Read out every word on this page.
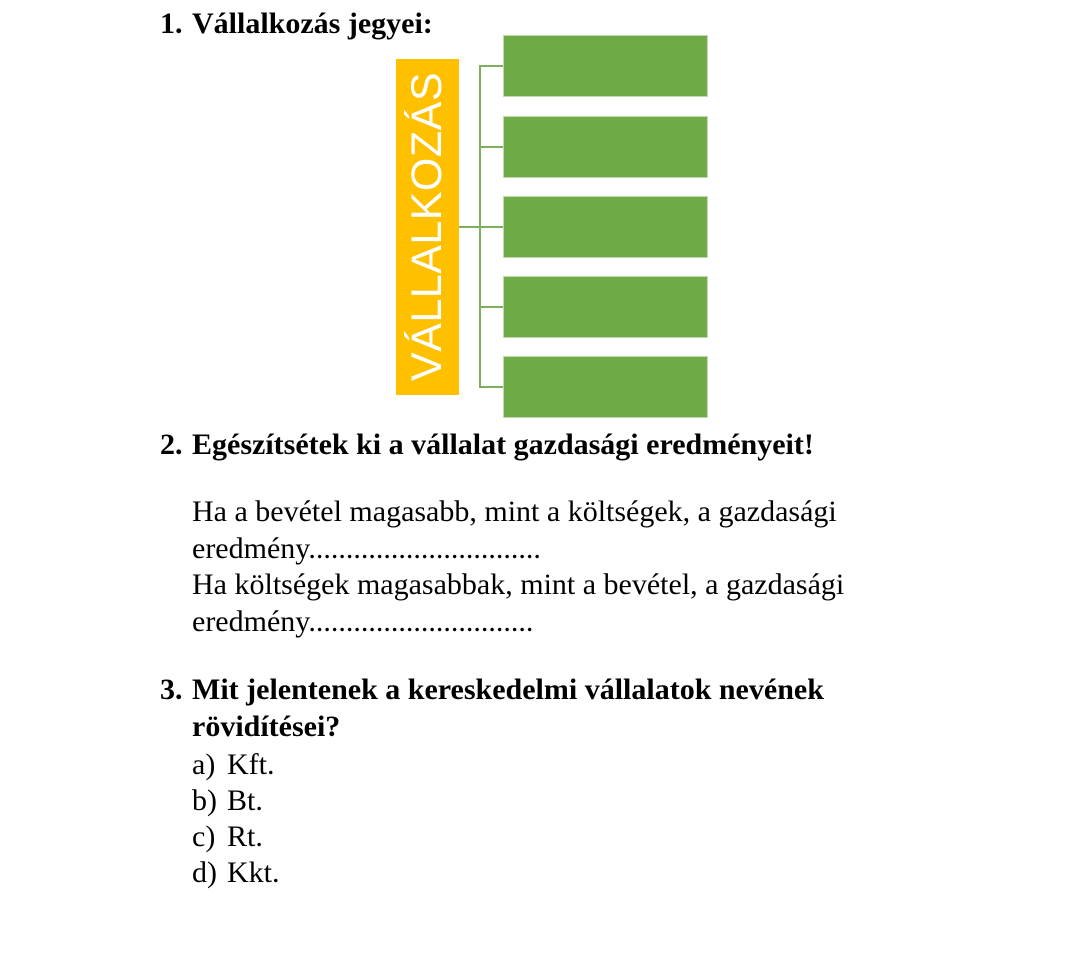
1. Vállalkozás jegyei:
VÁLLALKOZÁS
2. Egészítsétek ki a vállalat gazdasági eredményeit!
Ha a bevétel magasabb, mint a költségek, a gazdasági
eredmény...............................
Ha költségek magasabbak, mint a bevétel, a gazdasági
eredmény..............................
3. Mit jelentenek a kereskedelmi vállalatok nevének
rövidítései?
a) Kft.
b) Bt.
c) Rt.
d) Kkt.
